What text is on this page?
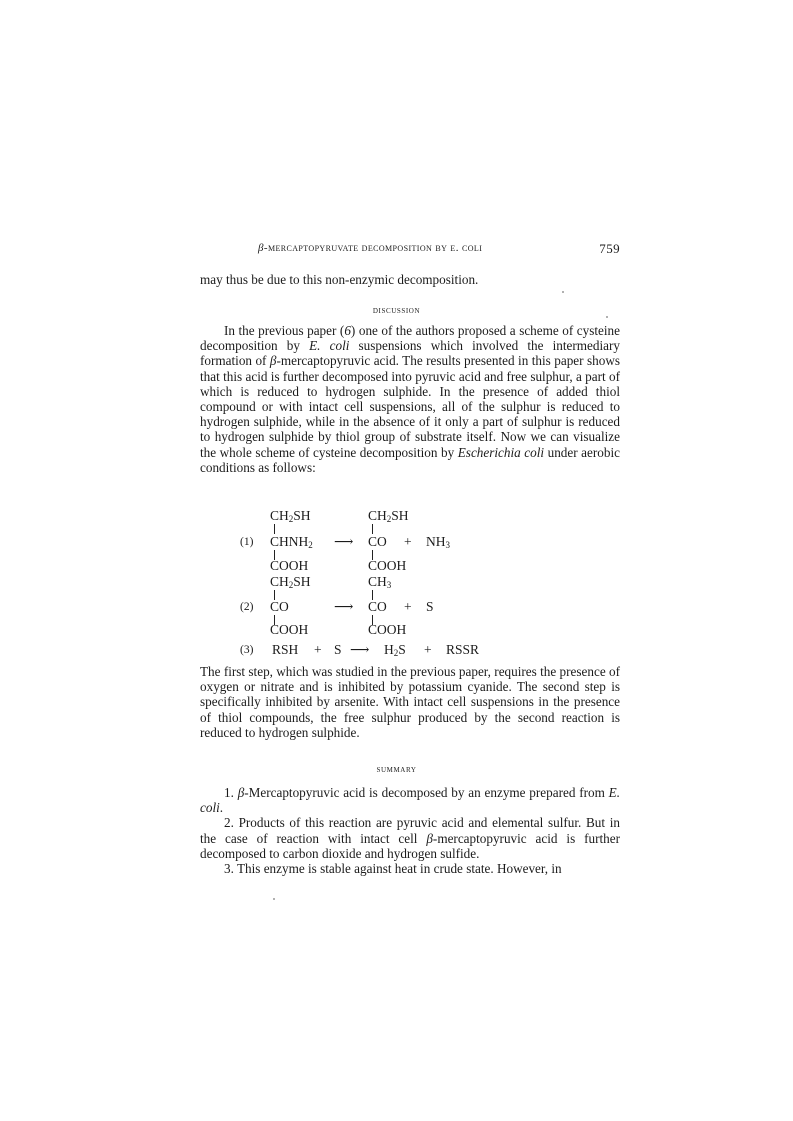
β-mercaptopyruvate decomposition by e. coli	759

may thus be due to this non-enzymic decomposition.

discussion

In the previous paper (6) one of the authors proposed a scheme of cysteine decomposition by E. coli suspensions which involved the intermediary formation of β-mercaptopyruvic acid. The results presented in this paper shows that this acid is further decomposed into pyruvic acid and free sulphur, a part of which is reduced to hydrogen sulphide. In the presence of added thiol compound or with intact cell suspensions, all of the sulphur is reduced to hydrogen sulphide, while in the absence of it only a part of sulphur is reduced to hydrogen sulphide by thiol group of substrate itself. Now we can visualize the whole scheme of cysteine decomposition by Escherichia coli under aerobic conditions as follows:

(1)
$CH_2SH$
$CHNH_2$
COOH
⟶
$CH_2SH$
CO + $NH_3$
COOH
(2)
$CH_2SH$
CO
COOH
⟶
$CH_3$
CO + S
COOH
(3) RSH + S ⟶ $H_2S$ + RSSR

The first step, which was studied in the previous paper, requires the presence of oxygen or nitrate and is inhibited by potassium cyanide. The second step is specifically inhibited by arsenite. With intact cell suspensions in the presence of thiol compounds, the free sulphur produced by the second reaction is reduced to hydrogen sulphide.

summary

1. β-Mercaptopyruvic acid is decomposed by an enzyme prepared from E. coli.

2. Products of this reaction are pyruvic acid and elemental sulfur. But in the case of reaction with intact cell β-mercaptopyruvic acid is further decomposed to carbon dioxide and hydrogen sulfide.

3. This enzyme is stable against heat in crude state. However, in
